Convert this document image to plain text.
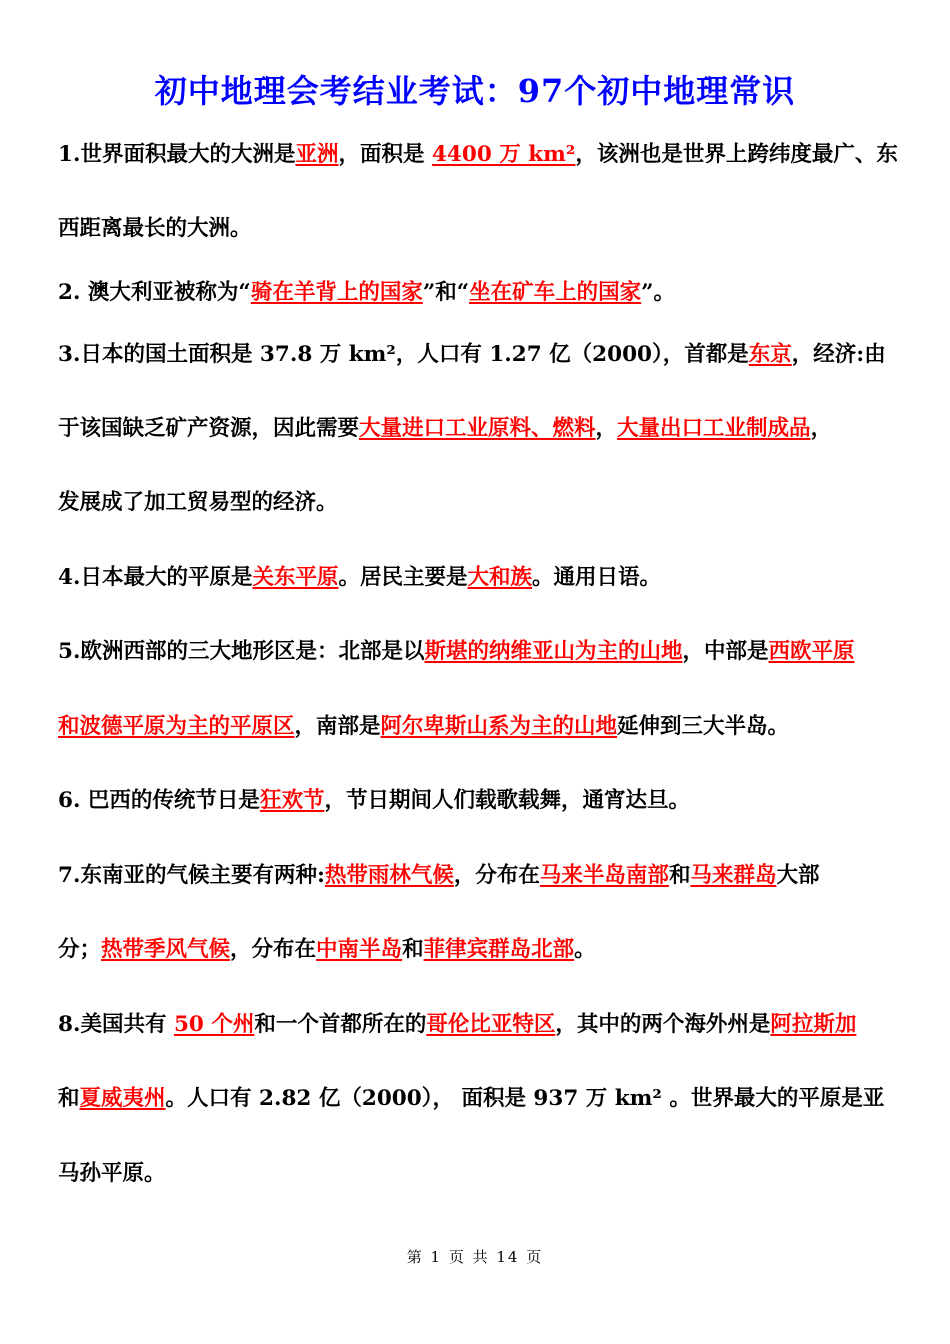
初中地理会考结业考试：97个初中地理常识
1.世界面积最大的大洲是亚洲，面积是 4400 万 km²，该洲也是世界上跨纬度最广、东
西距离最长的大洲。
2. 澳大利亚被称为“骑在羊背上的国家”和“坐在矿车上的国家”。
3.日本的国土面积是 37.8 万 km²，人口有 1.27 亿（2000），首都是东京，经济:由
于该国缺乏矿产资源，因此需要大量进口工业原料、燃料，大量出口工业制成品，
发展成了加工贸易型的经济。
4.日本最大的平原是关东平原。居民主要是大和族。通用日语。
5.欧洲西部的三大地形区是：北部是以斯堪的纳维亚山为主的山地，中部是西欧平原
和波德平原为主的平原区，南部是阿尔卑斯山系为主的山地延伸到三大半岛。
6. 巴西的传统节日是狂欢节，节日期间人们载歌载舞，通宵达旦。
7.东南亚的气候主要有两种:热带雨林气候，分布在马来半岛南部和马来群岛大部
分；热带季风气候，分布在中南半岛和菲律宾群岛北部。
8.美国共有 50 个州和一个首都所在的哥伦比亚特区，其中的两个海外州是阿拉斯加
和夏威夷州。人口有 2.82 亿（2000）， 面积是 937 万 km² 。世界最大的平原是亚
马孙平原。
第 1 页 共 14 页
